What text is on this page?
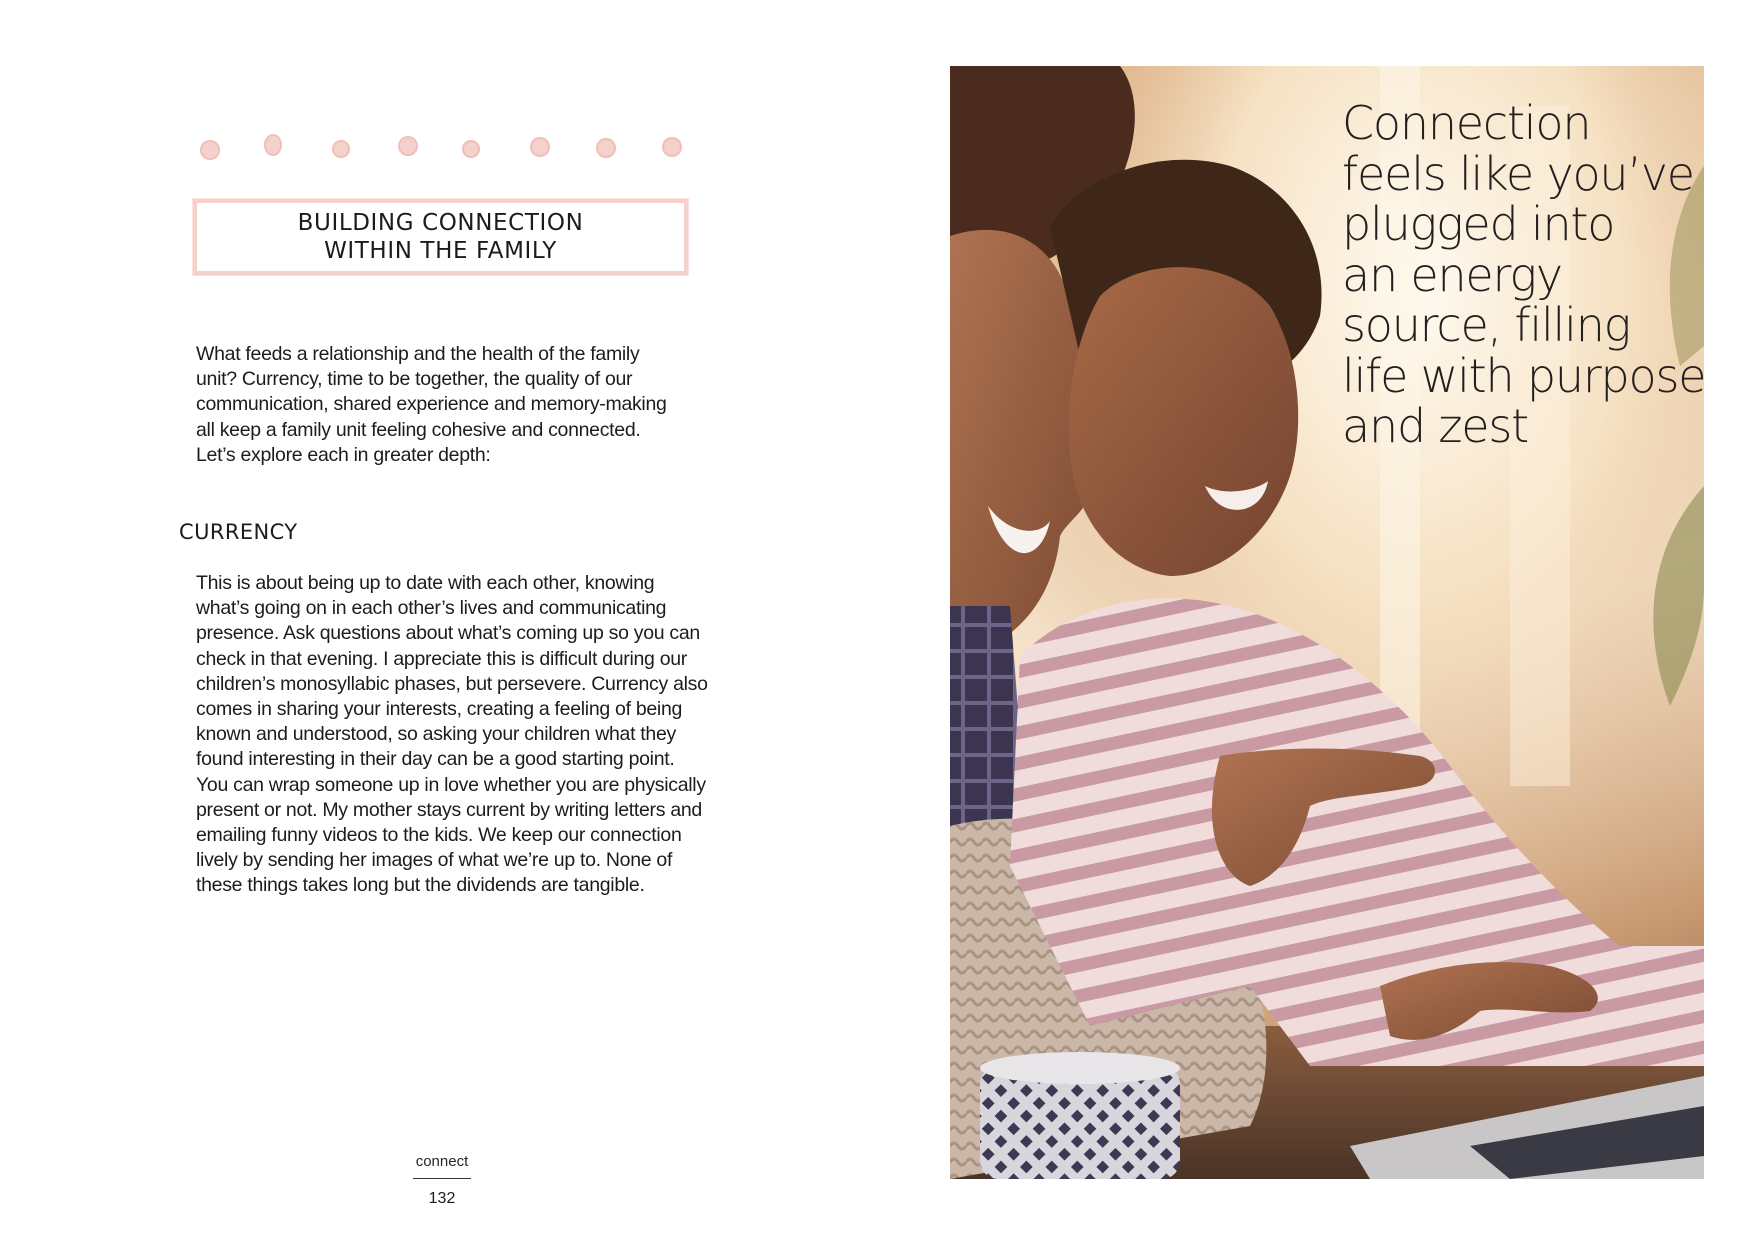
BUILDING CONNECTION
WITHIN THE FAMILY
What feeds a relationship and the health of the family
unit? Currency, time to be together, the quality of our
communication, shared experience and memory-making
all keep a family unit feeling cohesive and connected.
Let’s explore each in greater depth:
CURRENCY
This is about being up to date with each other, knowing
what’s going on in each other’s lives and communicating
presence. Ask questions about what’s coming up so you can
check in that evening. I appreciate this is difficult during our
children’s monosyllabic phases, but persevere. Currency also
comes in sharing your interests, creating a feeling of being
known and understood, so asking your children what they
found interesting in their day can be a good starting point.
You can wrap someone up in love whether you are physically
present or not. My mother stays current by writing letters and
emailing funny videos to the kids. We keep our connection
lively by sending her images of what we’re up to. None of
these things takes long but the dividends are tangible.
connect
132
Connection
feels like you’ve
plugged into
an energy
source, filling
life with purpose
and zest
